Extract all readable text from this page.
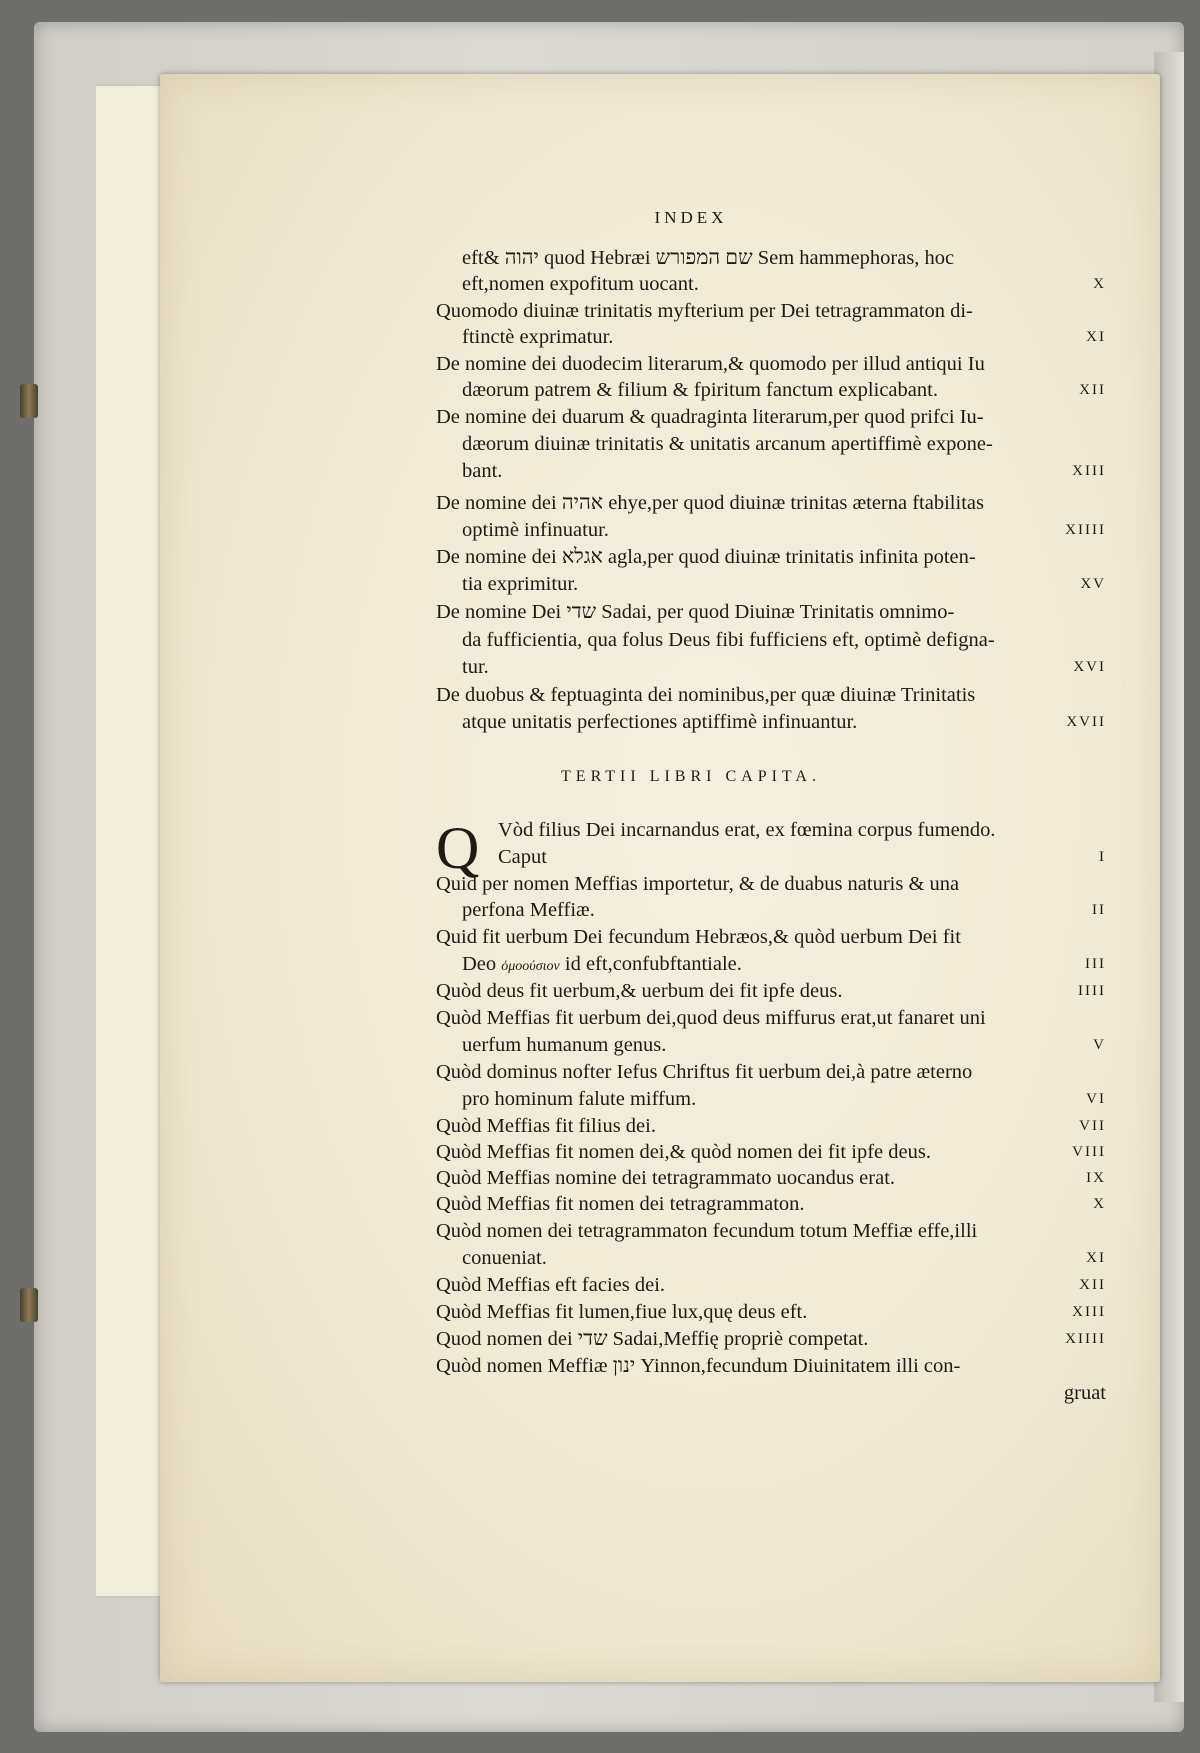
INDEX
eft& יהוה quod Hebræi שם המפורש Sem hammephoras, hoc
eft,nomen expofitum uocant.	X
Quomodo diuinæ trinitatis myfterium per Dei tetragrammaton di-
ftinctè exprimatur.	XI
De nomine dei duodecim literarum,& quomodo per illud antiqui Iu
dæorum patrem & filium & fpiritum fanctum explicabant.	XII
De nomine dei duarum & quadraginta literarum,per quod prifci Iu-
dæorum diuinæ trinitatis & unitatis arcanum apertiffimè expone-
bant.	XIII
De nomine dei אהיה ehye,per quod diuinæ trinitas æterna ftabilitas
optimè infinuatur.	XIIII
De nomine dei אגלא agla,per quod diuinæ trinitatis infinita poten-
tia exprimitur.	XV
De nomine Dei שדי Sadai, per quod Diuinæ Trinitatis omnimo-
da fufficientia, qua folus Deus fibi fufficiens eft, optimè defigna-
tur.	XVI
De duobus & feptuaginta dei nominibus,per quæ diuinæ Trinitatis
atque unitatis perfectiones aptiffimè infinuantur.	XVII
TERTII LIBRI CAPITA.
Q Vòd filius Dei incarnandus erat, ex fœmina corpus fumendo.
Caput	I
Quid per nomen Meffias importetur, & de duabus naturis & una
perfona Meffiæ.	II
Quid fit uerbum Dei fecundum Hebræos,& quòd uerbum Dei fit
Deo ὁμοούσιον id eft,confubftantiale.	III
Quòd deus fit uerbum,& uerbum dei fit ipfe deus.	IIII
Quòd Meffias fit uerbum dei,quod deus miffurus erat,ut fanaret uni
uerfum humanum genus.	V
Quòd dominus nofter Iefus Chriftus fit uerbum dei,à patre æterno
pro hominum falute miffum.	VI
Quòd Meffias fit filius dei.	VII
Quòd Meffias fit nomen dei,& quòd nomen dei fit ipfe deus.	VIII
Quòd Meffias nomine dei tetragrammato uocandus erat.	IX
Quòd Meffias fit nomen dei tetragrammaton.	X
Quòd nomen dei tetragrammaton fecundum totum Meffiæ effe,illi
conueniat.	XI
Quòd Meffias eft facies dei.	XII
Quòd Meffias fit lumen,fiue lux,quę deus eft.	XIII
Quod nomen dei שדי Sadai,Meffię propriè competat.	XIIII
Quòd nomen Meffiæ ינון Yinnon,fecundum Diuinitatem illi con-
gruat
